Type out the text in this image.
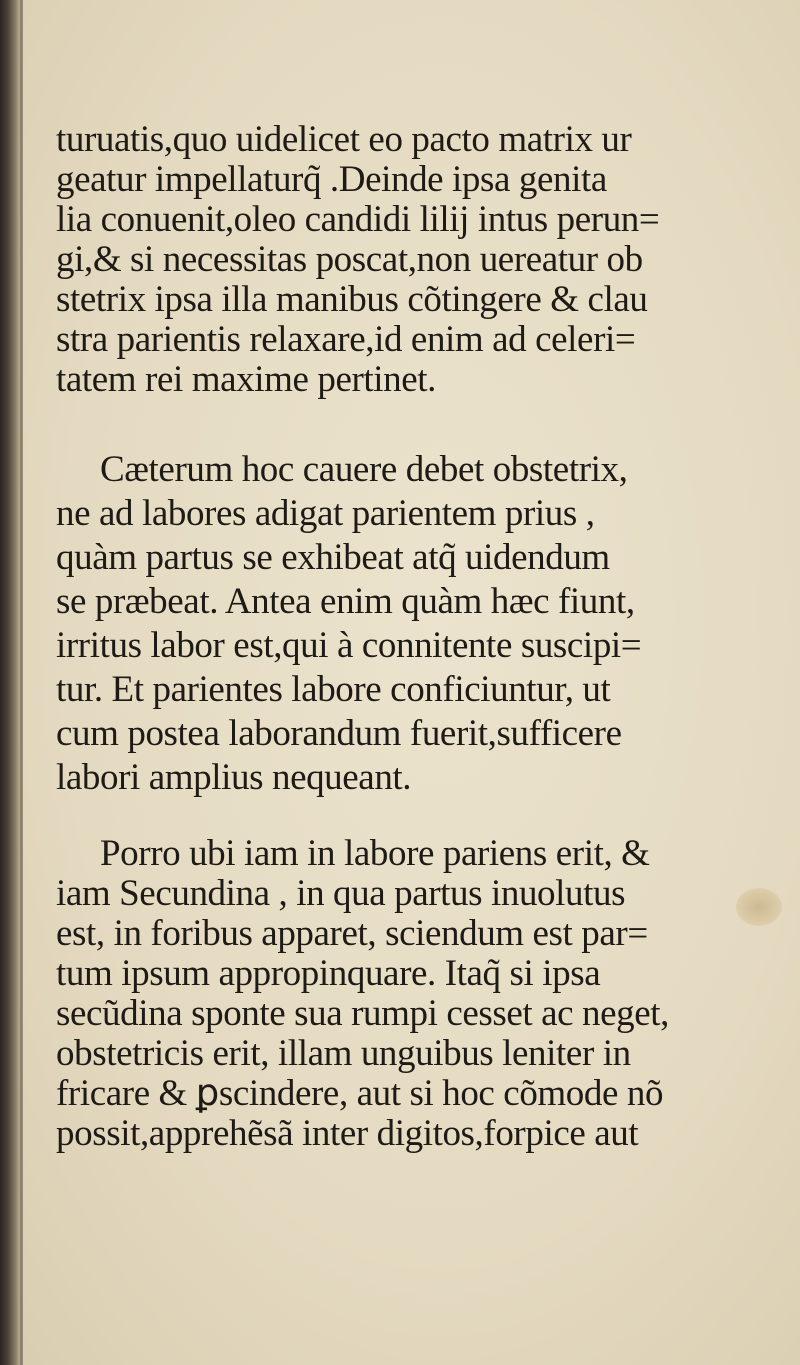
turuatis,quo uidelicet eo pacto matrix ur
geatur impellaturq̃ .Deinde ipsa genita
lia conuenit,oleo candidi lilij intus perun=
gi,& si necessitas poscat,non uereatur ob
stetrix ipsa illa manibus cõtingere & clau
stra parientis relaxare,id enim ad celeri=
tatem rei maxime pertinet.
Cæterum hoc cauere debet obstetrix,
ne ad labores adigat parientem prius ,
quàm partus se exhibeat atq̃ uidendum
se præbeat. Antea enim quàm hæc fiunt,
irritus labor est,qui à connitente suscipi=
tur. Et parientes labore conficiuntur, ut
cum postea laborandum fuerit,sufficere
labori amplius nequeant.
Porro ubi iam in labore pariens erit, &
iam Secundina , in qua partus inuolutus
est, in foribus apparet, sciendum est par=
tum ipsum appropinquare. Itaq̃ si ipsa
secũdina sponte sua rumpi cesset ac neget,
obstetricis erit, illam unguibus leniter in
fricare & ꝑscindere, aut si hoc cõmode nõ
possit,apprehẽsã inter digitos,forpice aut
